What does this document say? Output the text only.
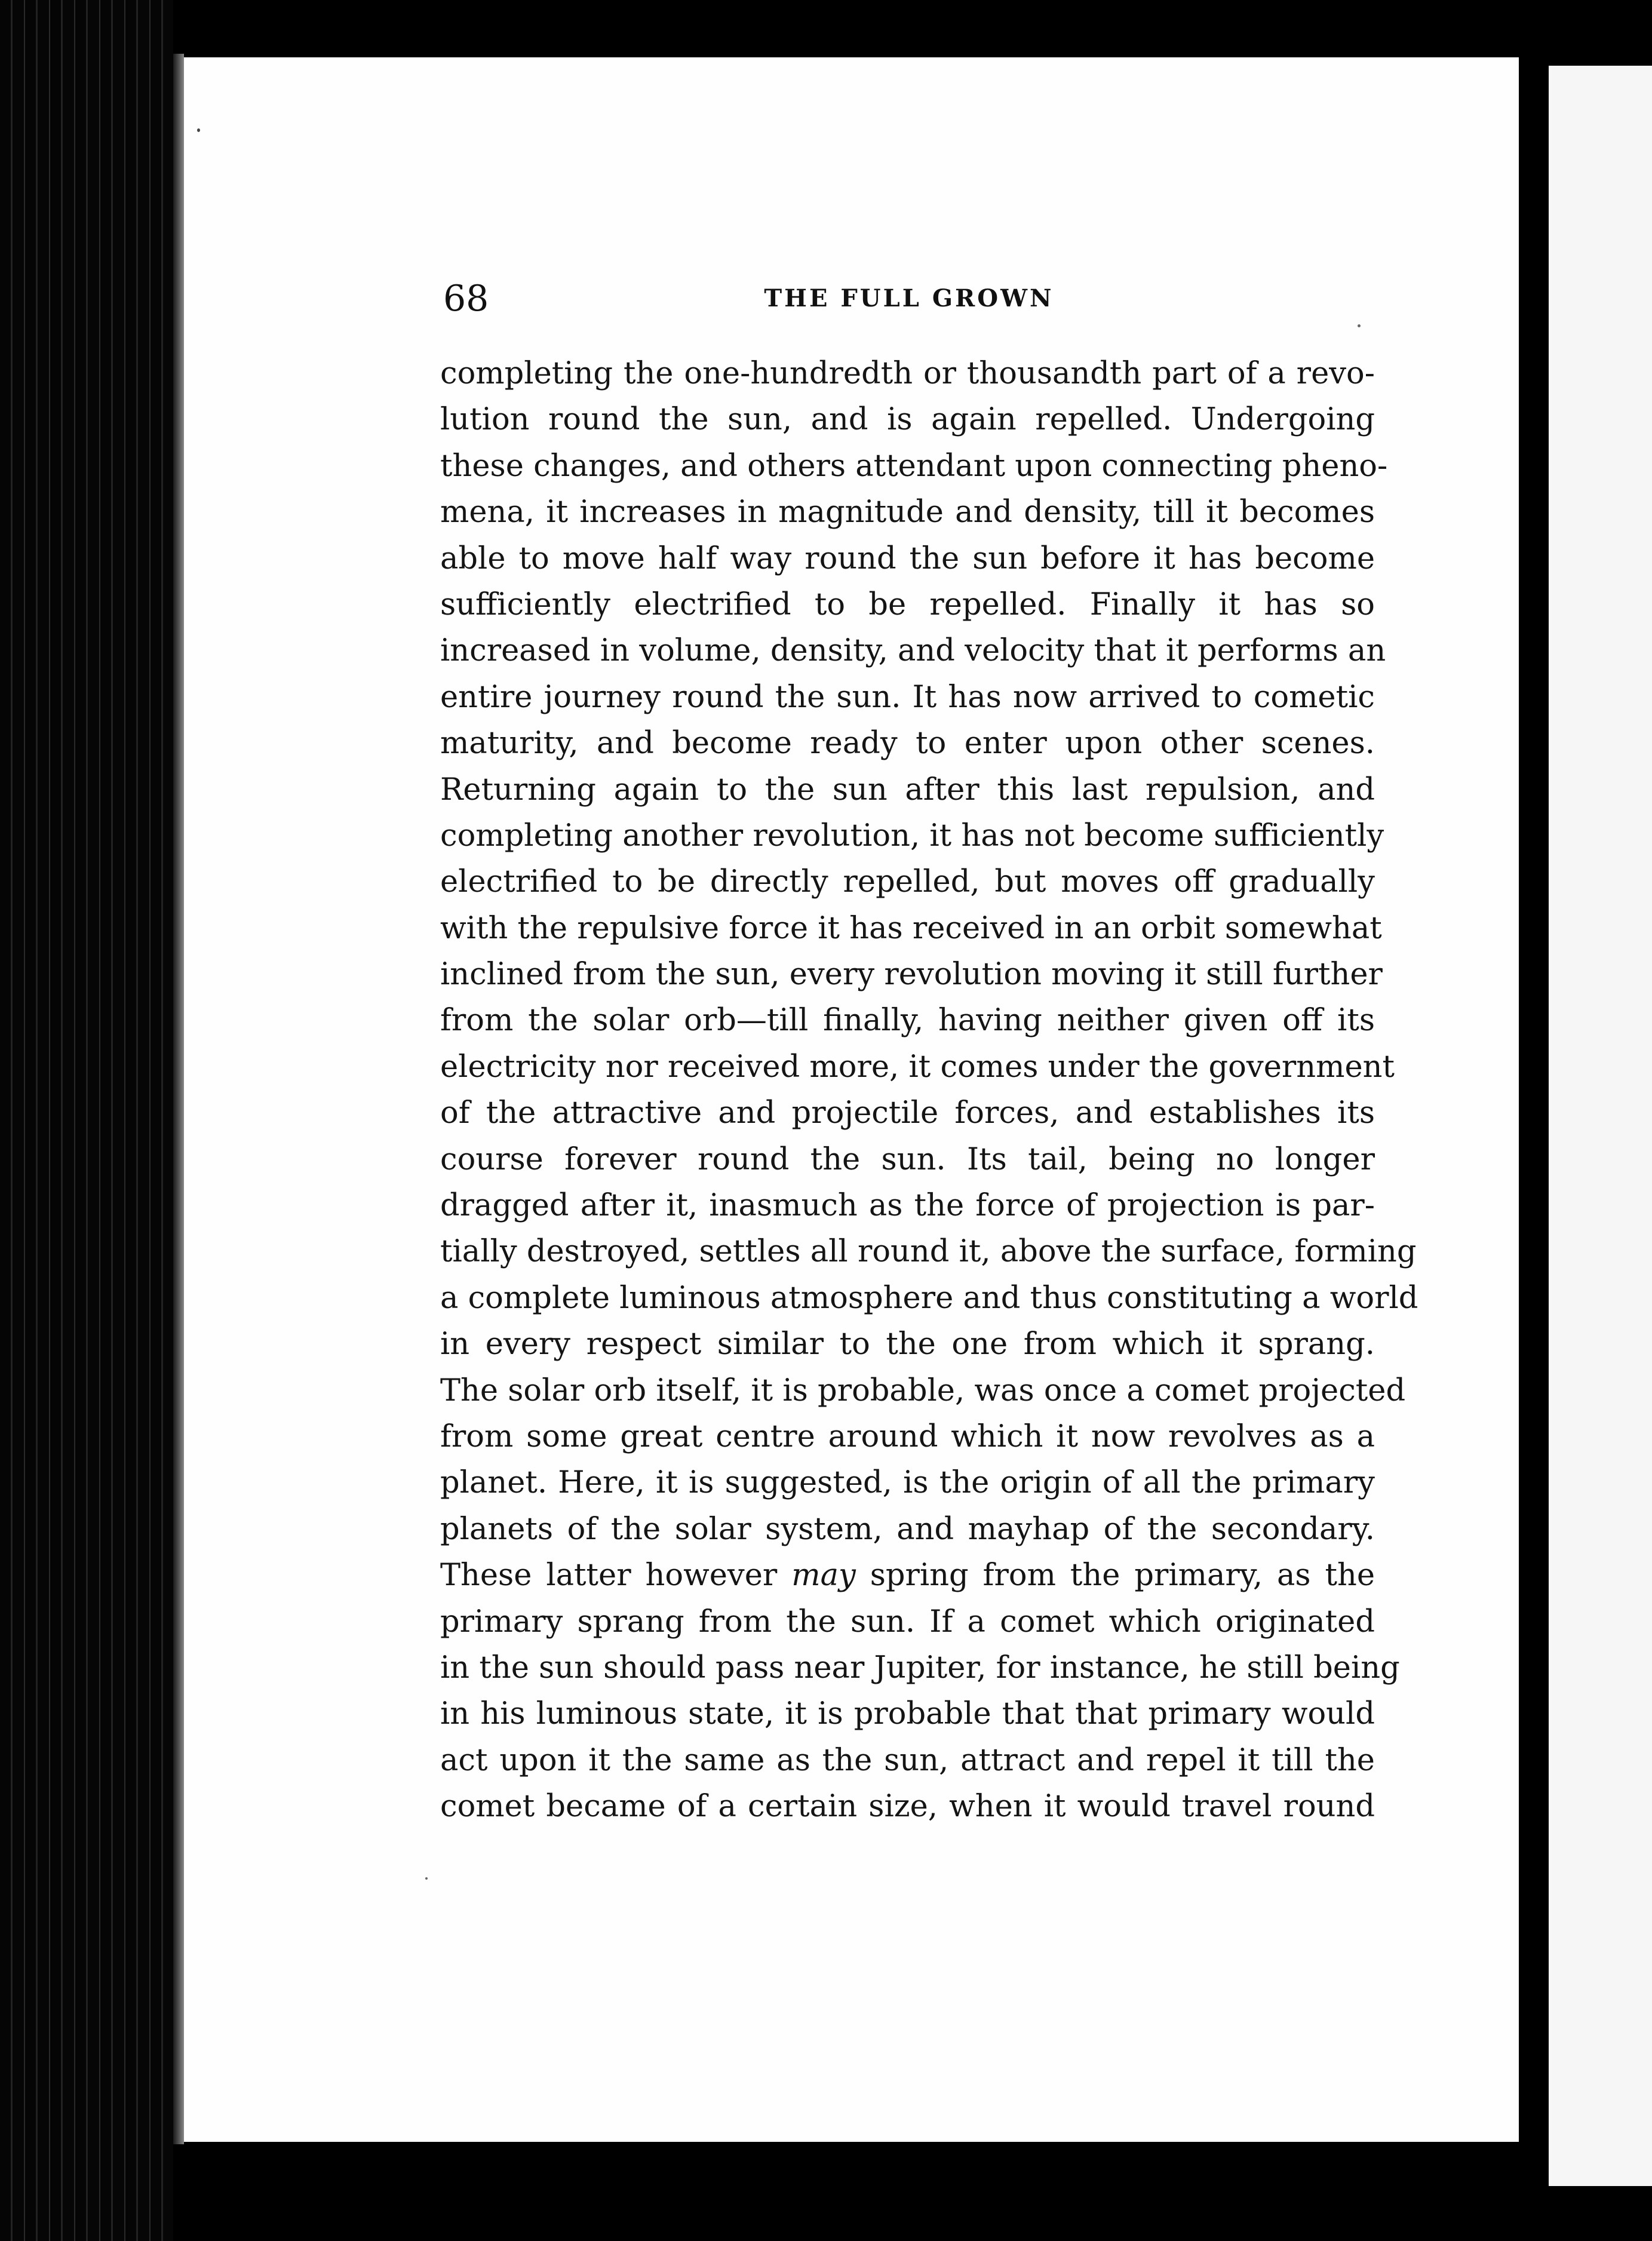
68	THE FULL GROWN
completing the one-hundredth or thousandth part of a revo-
lution round the sun, and is again repelled. Undergoing
these changes, and others attendant upon connecting pheno-
mena, it increases in magnitude and density, till it becomes
able to move half way round the sun before it has become
sufficiently electrified to be repelled. Finally it has so
increased in volume, density, and velocity that it performs an
entire journey round the sun. It has now arrived to cometic
maturity, and become ready to enter upon other scenes.
Returning again to the sun after this last repulsion, and
completing another revolution, it has not become sufficiently
electrified to be directly repelled, but moves off gradually
with the repulsive force it has received in an orbit somewhat
inclined from the sun, every revolution moving it still further
from the solar orb—till finally, having neither given off its
electricity nor received more, it comes under the government
of the attractive and projectile forces, and establishes its
course forever round the sun. Its tail, being no longer
dragged after it, inasmuch as the force of projection is par-
tially destroyed, settles all round it, above the surface, forming
a complete luminous atmosphere and thus constituting a world
in every respect similar to the one from which it sprang.
The solar orb itself, it is probable, was once a comet projected
from some great centre around which it now revolves as a
planet. Here, it is suggested, is the origin of all the primary
planets of the solar system, and mayhap of the secondary.
These latter however may spring from the primary, as the
primary sprang from the sun. If a comet which originated
in the sun should pass near Jupiter, for instance, he still being
in his luminous state, it is probable that that primary would
act upon it the same as the sun, attract and repel it till the
comet became of a certain size, when it would travel round
